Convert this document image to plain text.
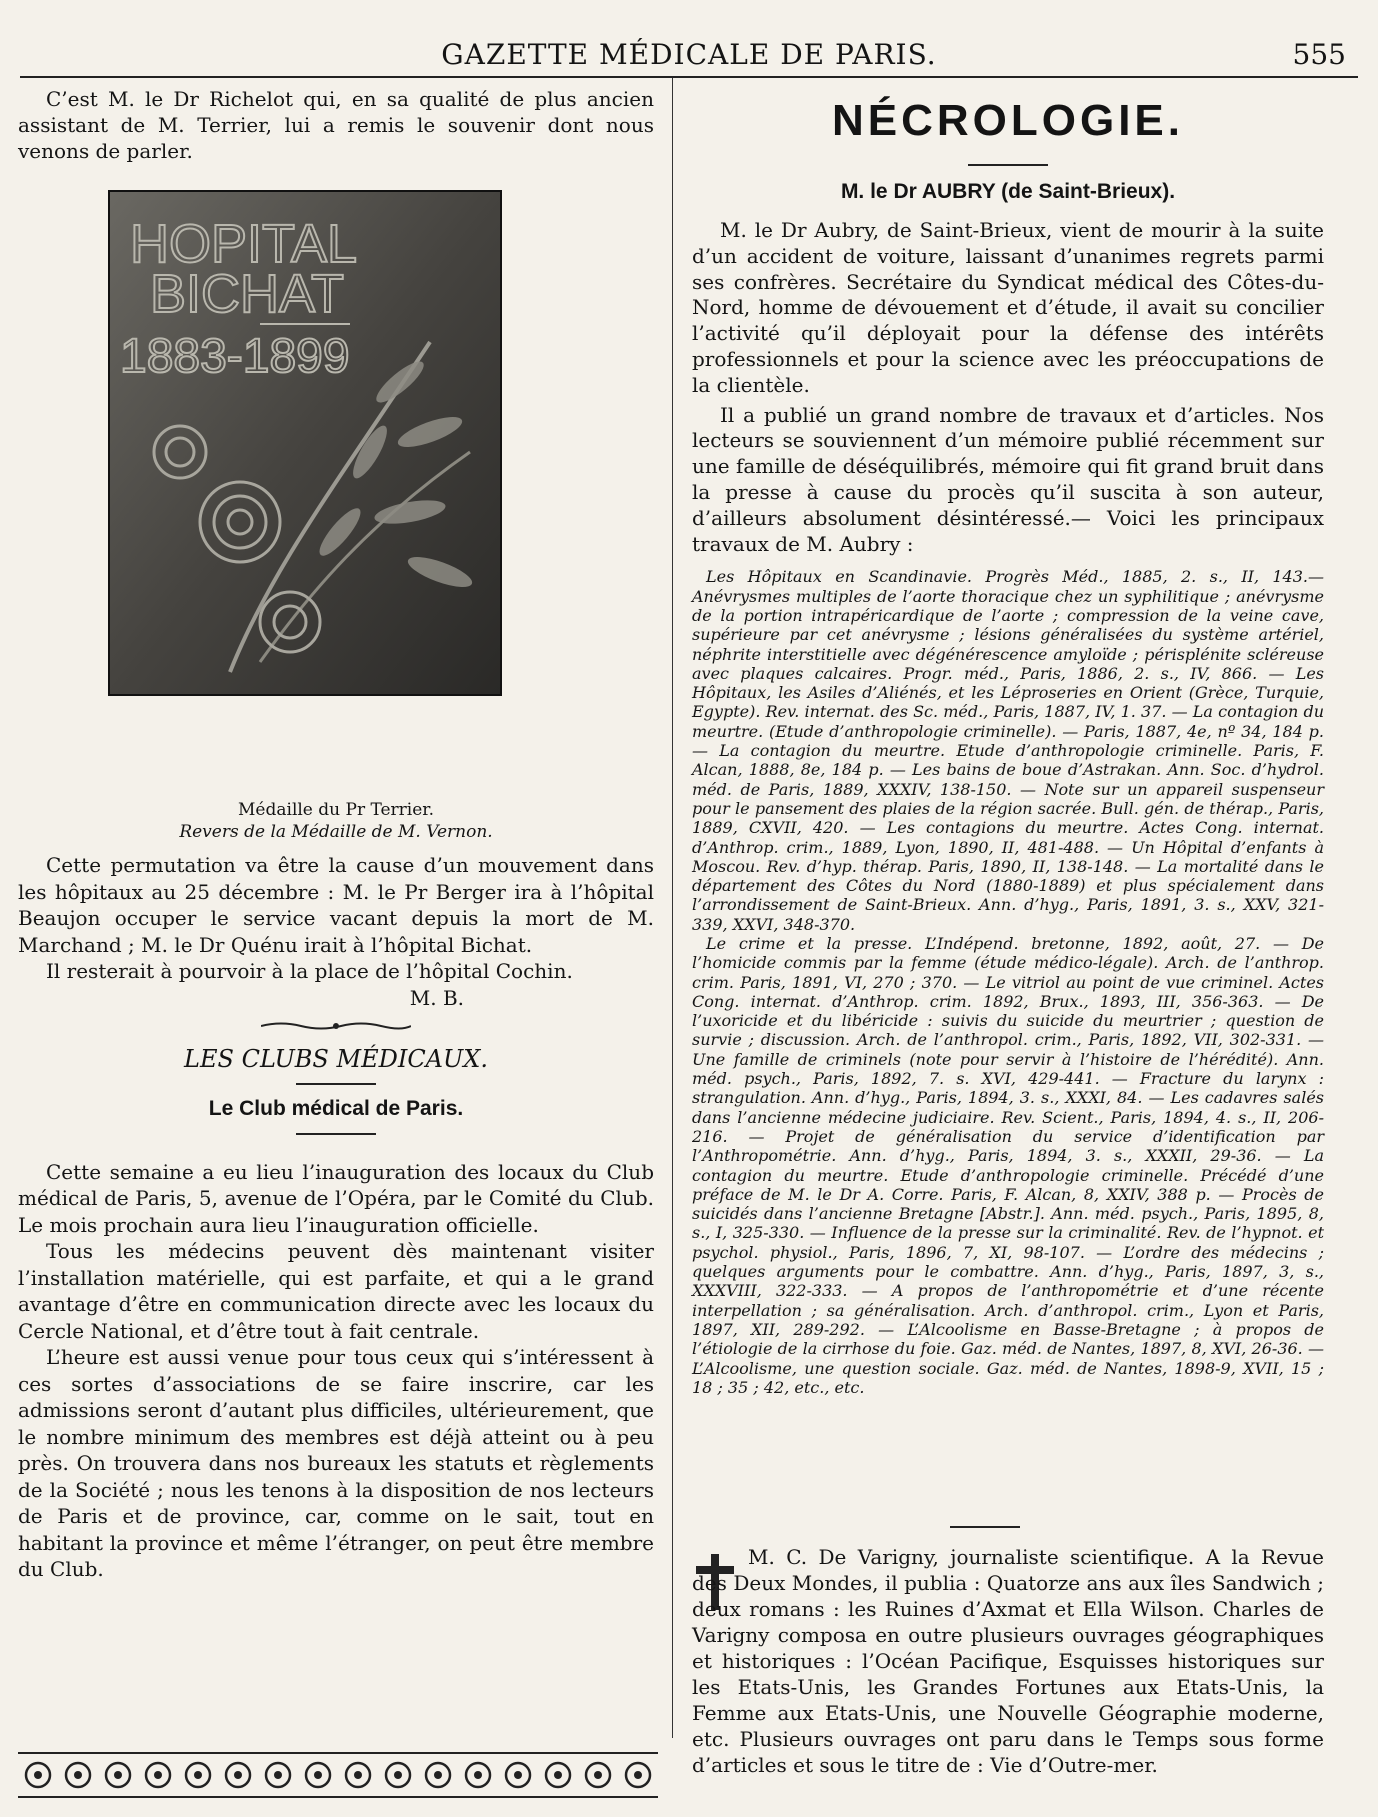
GAZETTE MÉDICALE DE PARIS.	555

C’est M. le Dr Richelot qui, en sa qualité de plus ancien assistant de M. Terrier, lui a remis le souvenir dont nous venons de parler.

HOPITAL
BICHAT
1883-1899
Médaille du Pr Terrier.
Revers de la Médaille de M. Vernon.

Cette permutation va être la cause d’un mouvement dans les hôpitaux au 25 décembre : M. le Pr Berger ira à l’hôpital Beaujon occuper le service vacant depuis la mort de M. Marchand ; M. le Dr Quénu irait à l’hôpital Bichat.

Il resterait à pourvoir à la place de l’hôpital Cochin.

M. B.
LES CLUBS MÉDICAUX.
Le Club médical de Paris.

Cette semaine a eu lieu l’inauguration des locaux du Club médical de Paris, 5, avenue de l’Opéra, par le Comité du Club. Le mois prochain aura lieu l’inauguration officielle.

Tous les médecins peuvent dès maintenant visiter l’installation matérielle, qui est parfaite, et qui a le grand avantage d’être en communication directe avec les locaux du Cercle National, et d’être tout à fait centrale.

L’heure est aussi venue pour tous ceux qui s’intéressent à ces sortes d’associations de se faire inscrire, car les admissions seront d’autant plus difficiles, ultérieurement, que le nombre minimum des membres est déjà atteint ou à peu près. On trouvera dans nos bureaux les statuts et règlements de la Société ; nous les tenons à la disposition de nos lecteurs de Paris et de province, car, comme on le sait, tout en habitant la province et même l’étranger, on peut être membre du Club.

NÉCROLOGIE.
M. le Dr AUBRY (de Saint-Brieux).

M. le Dr Aubry, de Saint-Brieux, vient de mourir à la suite d’un accident de voiture, laissant d’unanimes regrets parmi ses confrères. Secrétaire du Syndicat médical des Côtes-du-Nord, homme de dévouement et d’étude, il avait su concilier l’activité qu’il déployait pour la défense des intérêts professionnels et pour la science avec les préoccupations de la clientèle.

Il a publié un grand nombre de travaux et d’articles. Nos lecteurs se souviennent d’un mémoire publié récemment sur une famille de déséquilibrés, mémoire qui fit grand bruit dans la presse à cause du procès qu’il suscita à son auteur, d’ailleurs absolument désintéressé.— Voici les principaux travaux de M. Aubry :

Les Hôpitaux en Scandinavie. Progrès Méd., 1885, 2. s., II, 143.— Anévrysmes multiples de l’aorte thoracique chez un syphilitique ; anévrysme de la portion intrapéricardique de l’aorte ; compression de la veine cave, supérieure par cet anévrysme ; lésions généralisées du système artériel, néphrite interstitielle avec dégénérescence amyloïde ; périsplénite scléreuse avec plaques calcaires. Progr. méd., Paris, 1886, 2. s., IV, 866. — Les Hôpitaux, les Asiles d’Aliénés, et les Léproseries en Orient (Grèce, Turquie, Egypte). Rev. internat. des Sc. méd., Paris, 1887, IV, 1. 37. — La contagion du meurtre. (Etude d’anthropologie criminelle). — Paris, 1887, 4e, nº 34, 184 p. — La contagion du meurtre. Etude d’anthropologie criminelle. Paris, F. Alcan, 1888, 8e, 184 p. — Les bains de boue d’Astrakan. Ann. Soc. d’hydrol. méd. de Paris, 1889, XXXIV, 138-150. — Note sur un appareil suspenseur pour le pansement des plaies de la région sacrée. Bull. gén. de thérap., Paris, 1889, CXVII, 420. — Les contagions du meurtre. Actes Cong. internat. d’Anthrop. crim., 1889, Lyon, 1890, II, 481-488. — Un Hôpital d’enfants à Moscou. Rev. d’hyp. thérap. Paris, 1890, II, 138-148. — La mortalité dans le département des Côtes du Nord (1880-1889) et plus spécialement dans l’arrondissement de Saint-Brieux. Ann. d’hyg., Paris, 1891, 3. s., XXV, 321-339, XXVI, 348-370.

Le crime et la presse. L’Indépend. bretonne, 1892, août, 27. — De l’homicide commis par la femme (étude médico-légale). Arch. de l’anthrop. crim. Paris, 1891, VI, 270 ; 370. — Le vitriol au point de vue criminel. Actes Cong. internat. d’Anthrop. crim. 1892, Brux., 1893, III, 356-363. — De l’uxoricide et du libéricide : suivis du suicide du meurtrier ; question de survie ; discussion. Arch. de l’anthropol. crim., Paris, 1892, VII, 302-331. — Une famille de criminels (note pour servir à l’histoire de l’hérédité). Ann. méd. psych., Paris, 1892, 7. s. XVI, 429-441. — Fracture du larynx : strangulation. Ann. d’hyg., Paris, 1894, 3. s., XXXI, 84. — Les cadavres salés dans l’ancienne médecine judiciaire. Rev. Scient., Paris, 1894, 4. s., II, 206-216. — Projet de généralisation du service d’identification par l’Anthropométrie. Ann. d’hyg., Paris, 1894, 3. s., XXXII, 29-36. — La contagion du meurtre. Etude d’anthropologie criminelle. Précédé d’une préface de M. le Dr A. Corre. Paris, F. Alcan, 8, XXIV, 388 p. — Procès de suicidés dans l’ancienne Bretagne [Abstr.]. Ann. méd. psych., Paris, 1895, 8, s., I, 325-330. — Influence de la presse sur la criminalité. Rev. de l’hypnot. et psychol. physiol., Paris, 1896, 7, XI, 98-107. — L’ordre des médecins ; quelques arguments pour le combattre. Ann. d’hyg., Paris, 1897, 3, s., XXXVIII, 322-333. — A propos de l’anthropométrie et d’une récente interpellation ; sa généralisation. Arch. d’anthropol. crim., Lyon et Paris, 1897, XII, 289-292. — L’Alcoolisme en Basse-Bretagne ; à propos de l’étiologie de la cirrhose du foie. Gaz. méd. de Nantes, 1897, 8, XVI, 26-36. — L’Alcoolisme, une question sociale. Gaz. méd. de Nantes, 1898-9, XVII, 15 ; 18 ; 35 ; 42, etc., etc.

M. C. De Varigny, journaliste scientifique. A la Revue des Deux Mondes, il publia : Quatorze ans aux îles Sandwich ; deux romans : les Ruines d’Axmat et Ella Wilson. Charles de Varigny composa en outre plusieurs ouvrages géographiques et historiques : l’Océan Pacifique, Esquisses historiques sur les Etats-Unis, les Grandes Fortunes aux Etats-Unis, la Femme aux Etats-Unis, une Nouvelle Géographie moderne, etc. Plusieurs ouvrages ont paru dans le Temps sous forme d’articles et sous le titre de : Vie d’Outre-mer.
